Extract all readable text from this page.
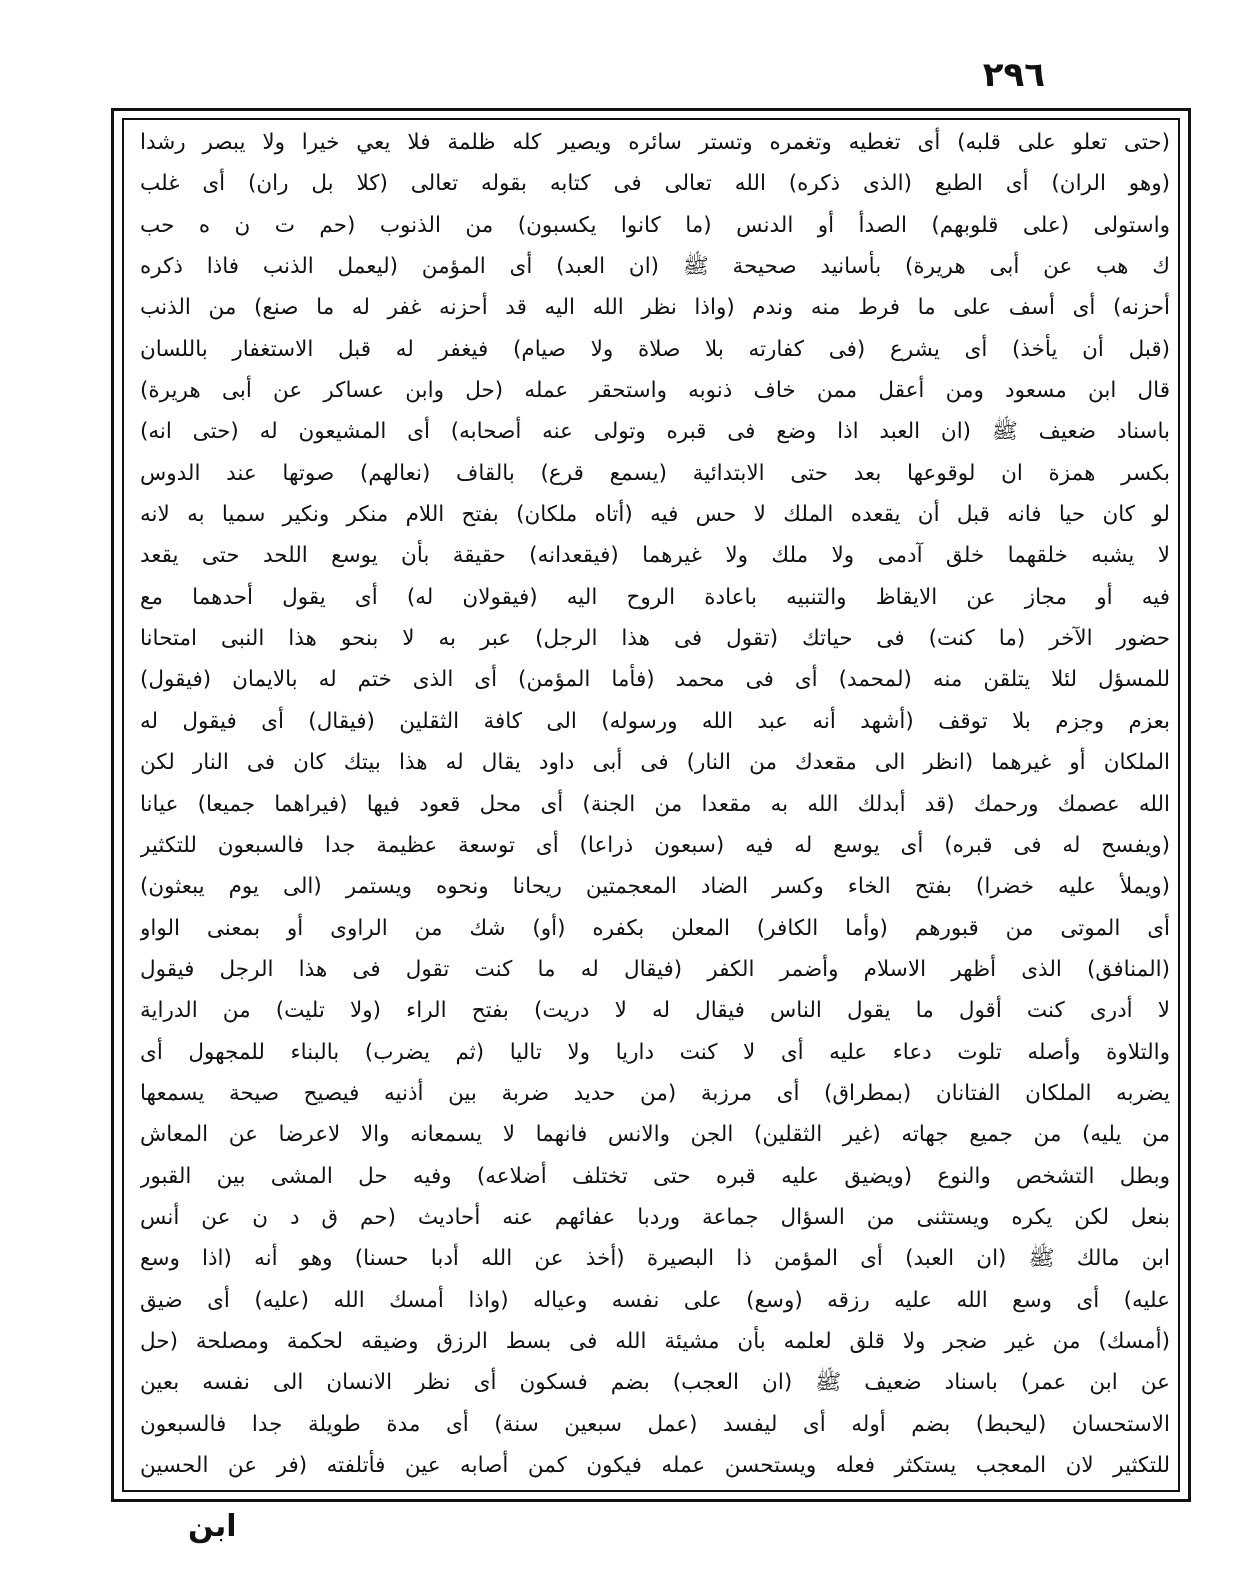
٢٩٦
(حتى تعلو على قلبه) أى تغطيه وتغمره وتستر سائره ويصير كله ظلمة فلا يعي خيرا ولا يبصر رشدا
(وهو الران) أى الطبع (الذى ذكره) الله تعالى فى كتابه بقوله تعالى (كلا بل ران) أى غلب
واستولى (على قلوبهم) الصدأ أو الدنس (ما كانوا يكسبون) من الذنوب (حم ت ن ه حب
ك هب عن أبى هريرة) بأسانيد صحيحة ﷺ (ان العبد) أى المؤمن (ليعمل الذنب فاذا ذكره
أحزنه) أى أسف على ما فرط منه وندم (واذا نظر الله اليه قد أحزنه غفر له ما صنع) من الذنب
(قبل أن يأخذ) أى يشرع (فى كفارته بلا صلاة ولا صيام) فيغفر له قبل الاستغفار باللسان
قال ابن مسعود ومن أعقل ممن خاف ذنوبه واستحقر عمله (حل وابن عساكر عن أبى هريرة)
باسناد ضعيف ﷺ (ان العبد اذا وضع فى قبره وتولى عنه أصحابه) أى المشيعون له (حتى انه)
بكسر همزة ان لوقوعها بعد حتى الابتدائية (يسمع قرع) بالقاف (نعالهم) صوتها عند الدوس
لو كان حيا فانه قبل أن يقعده الملك لا حس فيه (أتاه ملكان) بفتح اللام منكر ونكير سميا به لانه
لا يشبه خلقهما خلق آدمى ولا ملك ولا غيرهما (فيقعدانه) حقيقة بأن يوسع اللحد حتى يقعد
فيه أو مجاز عن الايقاظ والتنبيه باعادة الروح اليه (فيقولان له) أى يقول أحدهما مع
حضور الآخر (ما كنت) فى حياتك (تقول فى هذا الرجل) عبر به لا بنحو هذا النبى امتحانا
للمسؤل لئلا يتلقن منه (لمحمد) أى فى محمد (فأما المؤمن) أى الذى ختم له بالايمان (فيقول)
بعزم وجزم بلا توقف (أشهد أنه عبد الله ورسوله) الى كافة الثقلين (فيقال) أى فيقول له
الملكان أو غيرهما (انظر الى مقعدك من النار) فى أبى داود يقال له هذا بيتك كان فى النار لكن
الله عصمك ورحمك (قد أبدلك الله به مقعدا من الجنة) أى محل قعود فيها (فيراهما جميعا) عيانا
(ويفسح له فى قبره) أى يوسع له فيه (سبعون ذراعا) أى توسعة عظيمة جدا فالسبعون للتكثير
(ويملأ عليه خضرا) بفتح الخاء وكسر الضاد المعجمتين ريحانا ونحوه ويستمر (الى يوم يبعثون)
أى الموتى من قبورهم (وأما الكافر) المعلن بكفره (أو) شك من الراوى أو بمعنى الواو
(المنافق) الذى أظهر الاسلام وأضمر الكفر (فيقال له ما كنت تقول فى هذا الرجل فيقول
لا أدرى كنت أقول ما يقول الناس فيقال له لا دريت) بفتح الراء (ولا تليت) من الدراية
والتلاوة وأصله تلوت دعاء عليه أى لا كنت داريا ولا تاليا (ثم يضرب) بالبناء للمجهول أى
يضربه الملكان الفتانان (بمطراق) أى مرزبة (من حديد ضربة بين أذنيه فيصيح صيحة يسمعها
من يليه) من جميع جهاته (غير الثقلين) الجن والانس فانهما لا يسمعانه والا لاعرضا عن المعاش
وبطل التشخص والنوع (ويضيق عليه قبره حتى تختلف أضلاعه) وفيه حل المشى بين القبور
بنعل لكن يكره ويستثنى من السؤال جماعة وردبا عفائهم عنه أحاديث (حم ق د ن عن أنس
ابن مالك ﷺ (ان العبد) أى المؤمن ذا البصيرة (أخذ عن الله أدبا حسنا) وهو أنه (اذا وسع
عليه) أى وسع الله عليه رزقه (وسع) على نفسه وعياله (واذا أمسك الله (عليه) أى ضيق
(أمسك) من غير ضجر ولا قلق لعلمه بأن مشيئة الله فى بسط الرزق وضيقه لحكمة ومصلحة (حل
عن ابن عمر) باسناد ضعيف ﷺ (ان العجب) بضم فسكون أى نظر الانسان الى نفسه بعين
الاستحسان (ليحبط) بضم أوله أى ليفسد (عمل سبعين سنة) أى مدة طويلة جدا فالسبعون
للتكثير لان المعجب يستكثر فعله ويستحسن عمله فيكون كمن أصابه عين فأتلفته (فر عن الحسين
ابن
